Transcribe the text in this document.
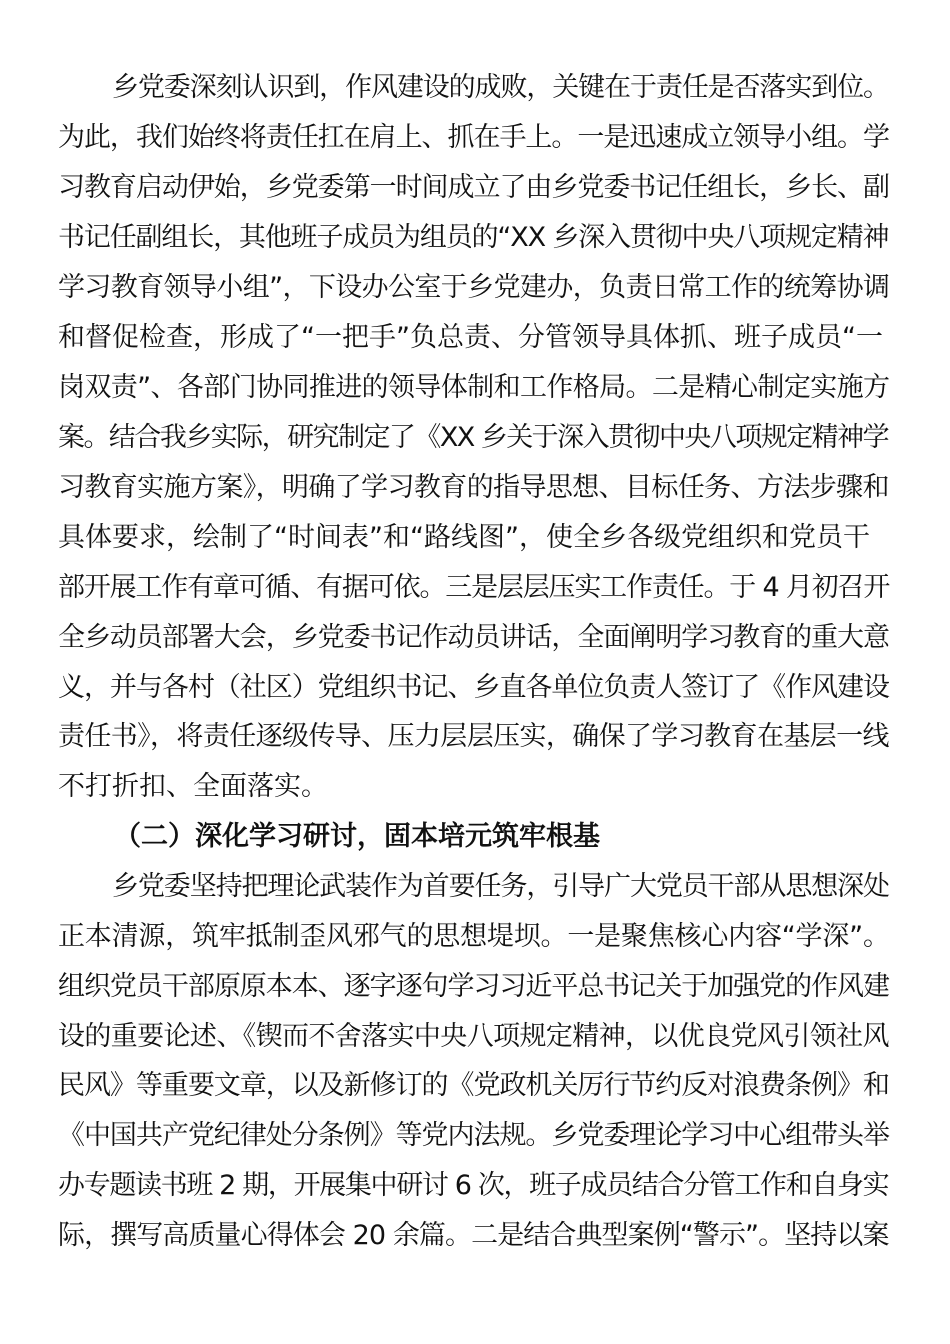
乡党委深刻认识到，作风建设的成败，关键在于责任是否落实到位。
为此，我们始终将责任扛在肩上、抓在手上。一是迅速成立领导小组。学
习教育启动伊始，乡党委第一时间成立了由乡党委书记任组长，乡长、副
书记任副组长，其他班子成员为组员的“XX 乡深入贯彻中央八项规定精神
学习教育领导小组”，下设办公室于乡党建办，负责日常工作的统筹协调
和督促检查，形成了“一把手”负总责、分管领导具体抓、班子成员“一
岗双责”、各部门协同推进的领导体制和工作格局。二是精心制定实施方
案。结合我乡实际，研究制定了《XX 乡关于深入贯彻中央八项规定精神学
习教育实施方案》，明确了学习教育的指导思想、目标任务、方法步骤和
具体要求，绘制了“时间表”和“路线图”，使全乡各级党组织和党员干
部开展工作有章可循、有据可依。三是层层压实工作责任。于 4 月初召开
全乡动员部署大会，乡党委书记作动员讲话，全面阐明学习教育的重大意
义，并与各村（社区）党组织书记、乡直各单位负责人签订了《作风建设
责任书》，将责任逐级传导、压力层层压实，确保了学习教育在基层一线
不打折扣、全面落实。
（二）深化学习研讨，固本培元筑牢根基
乡党委坚持把理论武装作为首要任务，引导广大党员干部从思想深处
正本清源，筑牢抵制歪风邪气的思想堤坝。一是聚焦核心内容“学深”。
组织党员干部原原本本、逐字逐句学习习近平总书记关于加强党的作风建
设的重要论述、《锲而不舍落实中央八项规定精神，以优良党风引领社风
民风》等重要文章，以及新修订的《党政机关厉行节约反对浪费条例》和
《中国共产党纪律处分条例》等党内法规。乡党委理论学习中心组带头举
办专题读书班 2 期，开展集中研讨 6 次，班子成员结合分管工作和自身实
际，撰写高质量心得体会 20 余篇。二是结合典型案例“警示”。坚持以案
